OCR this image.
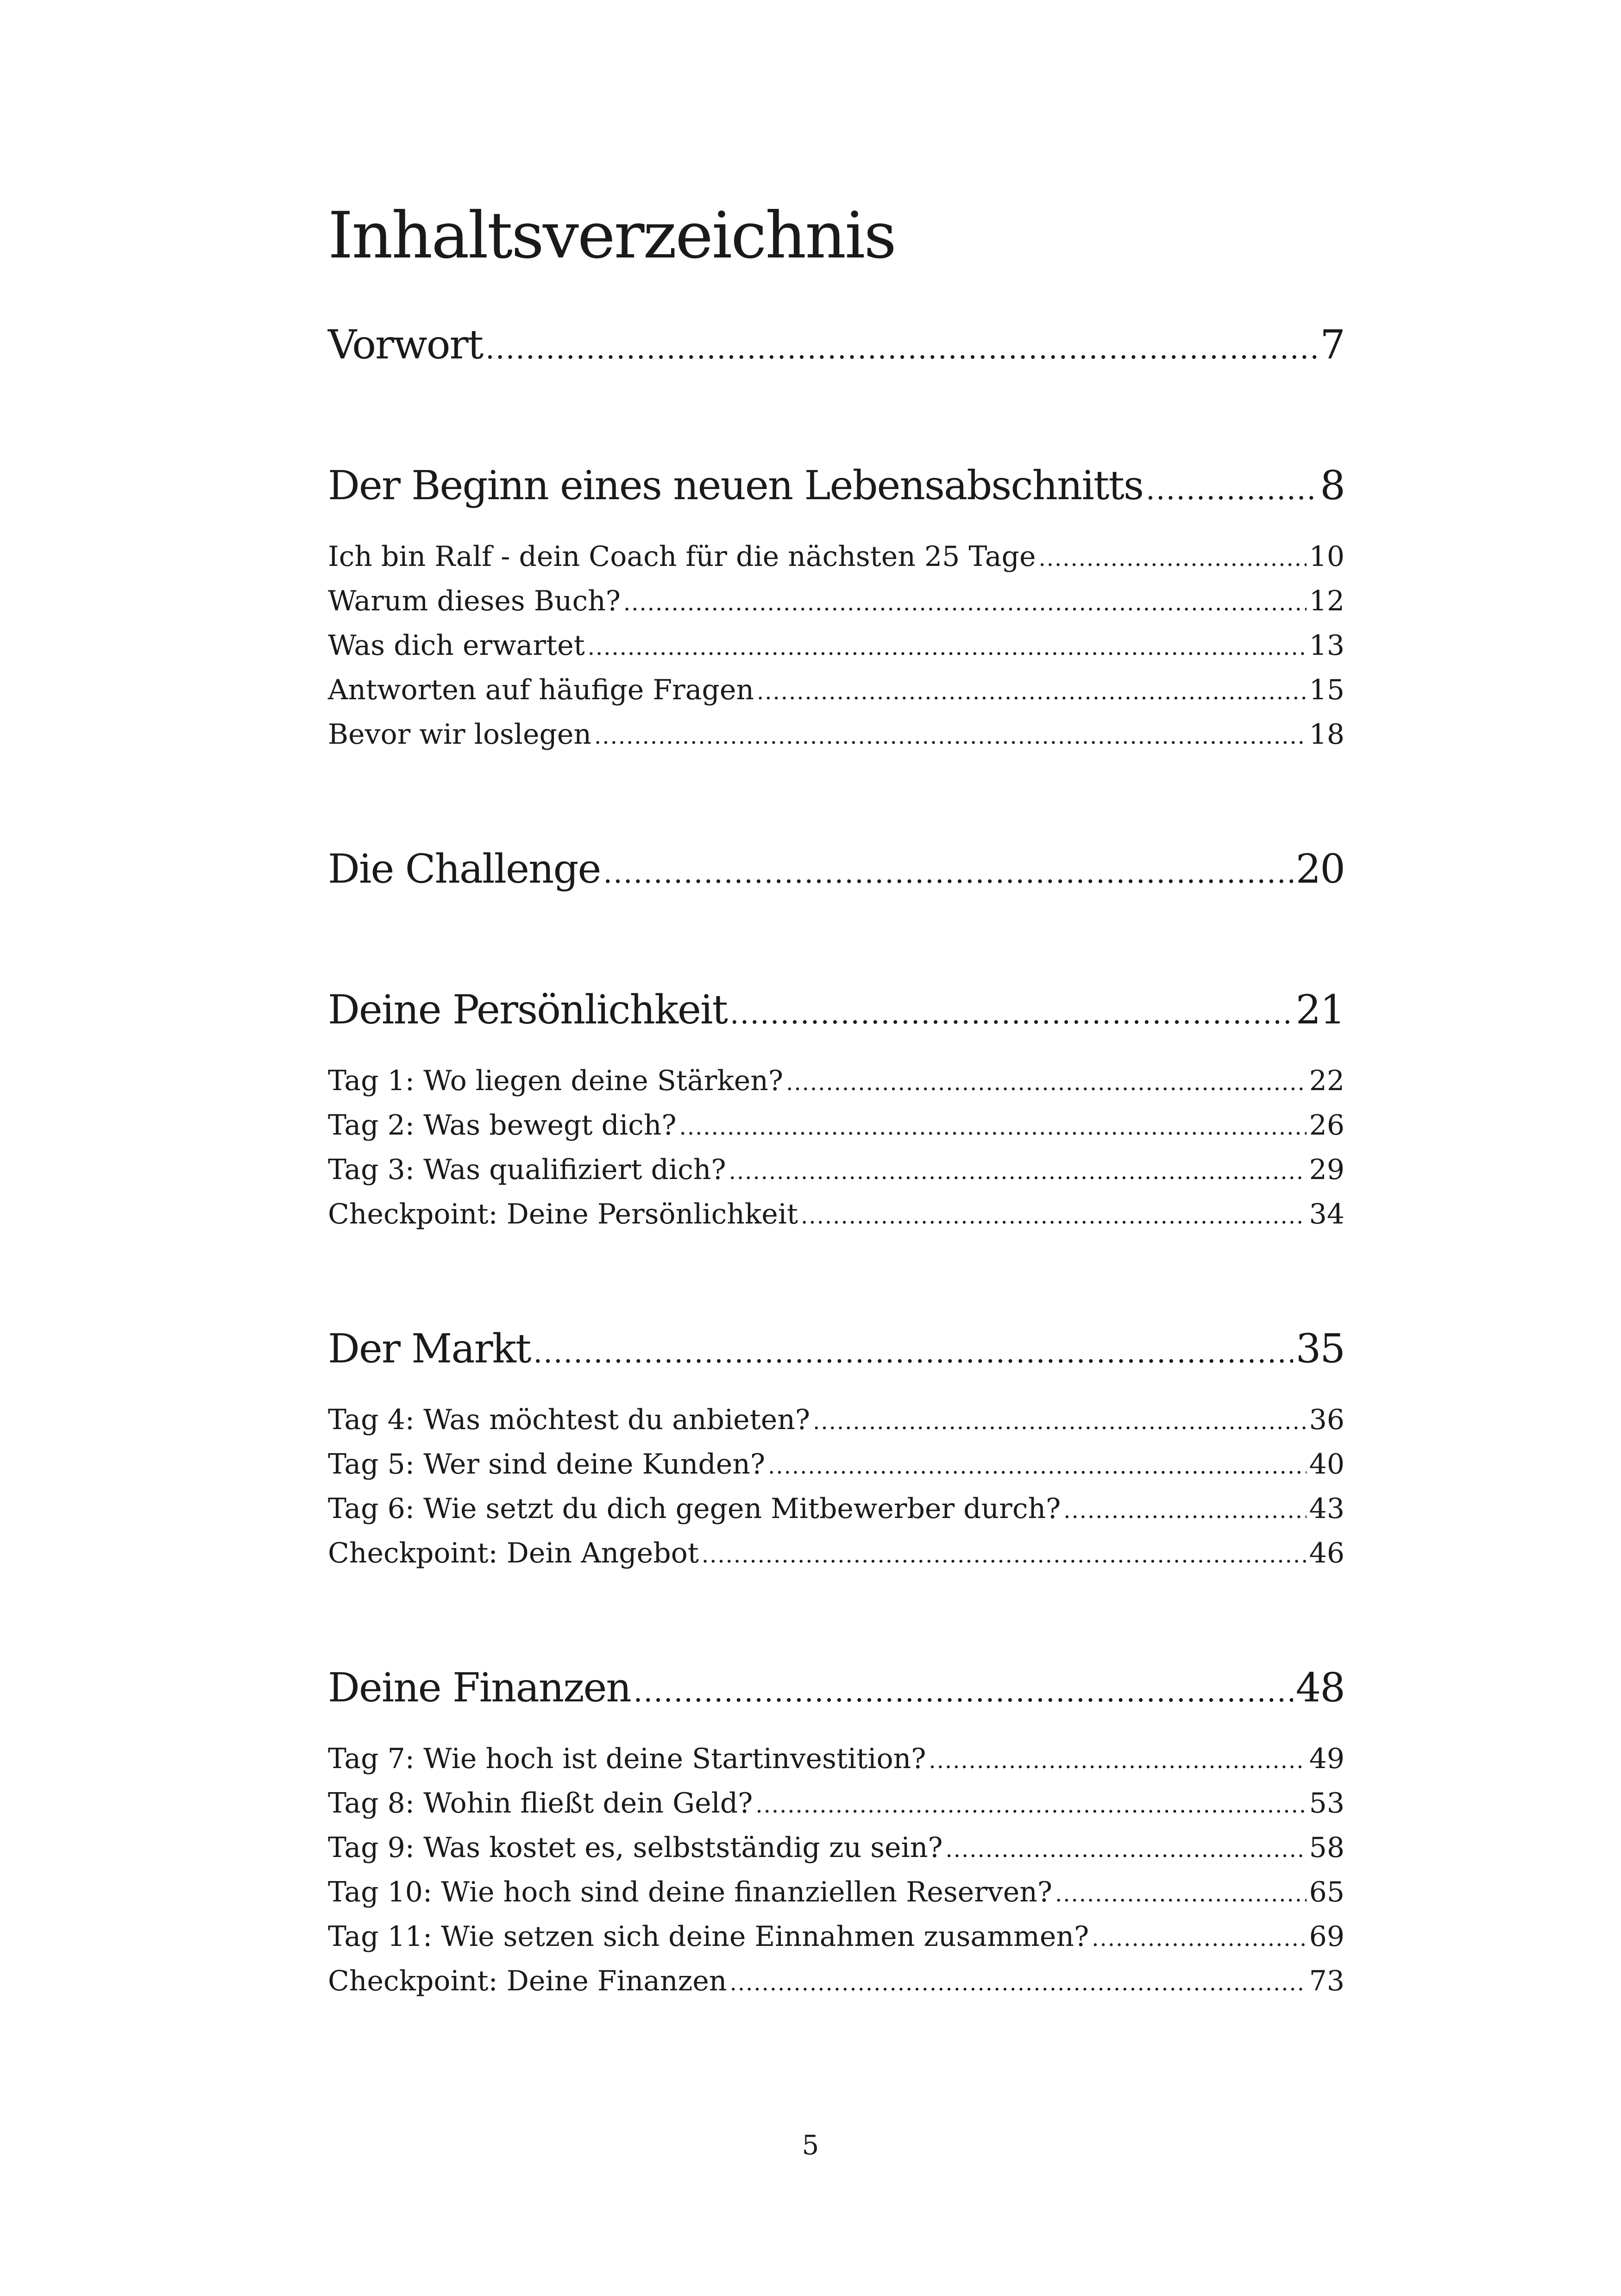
Inhaltsverzeichnis
Vorwort .....	7
Der Beginn eines neuen Lebensabschnitts .....	8
Ich bin Ralf - dein Coach für die nächsten 25 Tage .....	10
Warum dieses Buch? .....	12
Was dich erwartet .....	13
Antworten auf häufige Fragen .....	15
Bevor wir loslegen .....	18
Die Challenge .....	20
Deine Persönlichkeit .....	21
Tag 1: Wo liegen deine Stärken? .....	22
Tag 2: Was bewegt dich? .....	26
Tag 3: Was qualifiziert dich? .....	29
Checkpoint: Deine Persönlichkeit .....	34
Der Markt .....	35
Tag 4: Was möchtest du anbieten? .....	36
Tag 5: Wer sind deine Kunden? .....	40
Tag 6: Wie setzt du dich gegen Mitbewerber durch? .....	43
Checkpoint: Dein Angebot .....	46
Deine Finanzen .....	48
Tag 7: Wie hoch ist deine Startinvestition? .....	49
Tag 8: Wohin fließt dein Geld? .....	53
Tag 9: Was kostet es, selbstständig zu sein? .....	58
Tag 10: Wie hoch sind deine finanziellen Reserven? .....	65
Tag 11: Wie setzen sich deine Einnahmen zusammen? .....	69
Checkpoint: Deine Finanzen .....	73
5
